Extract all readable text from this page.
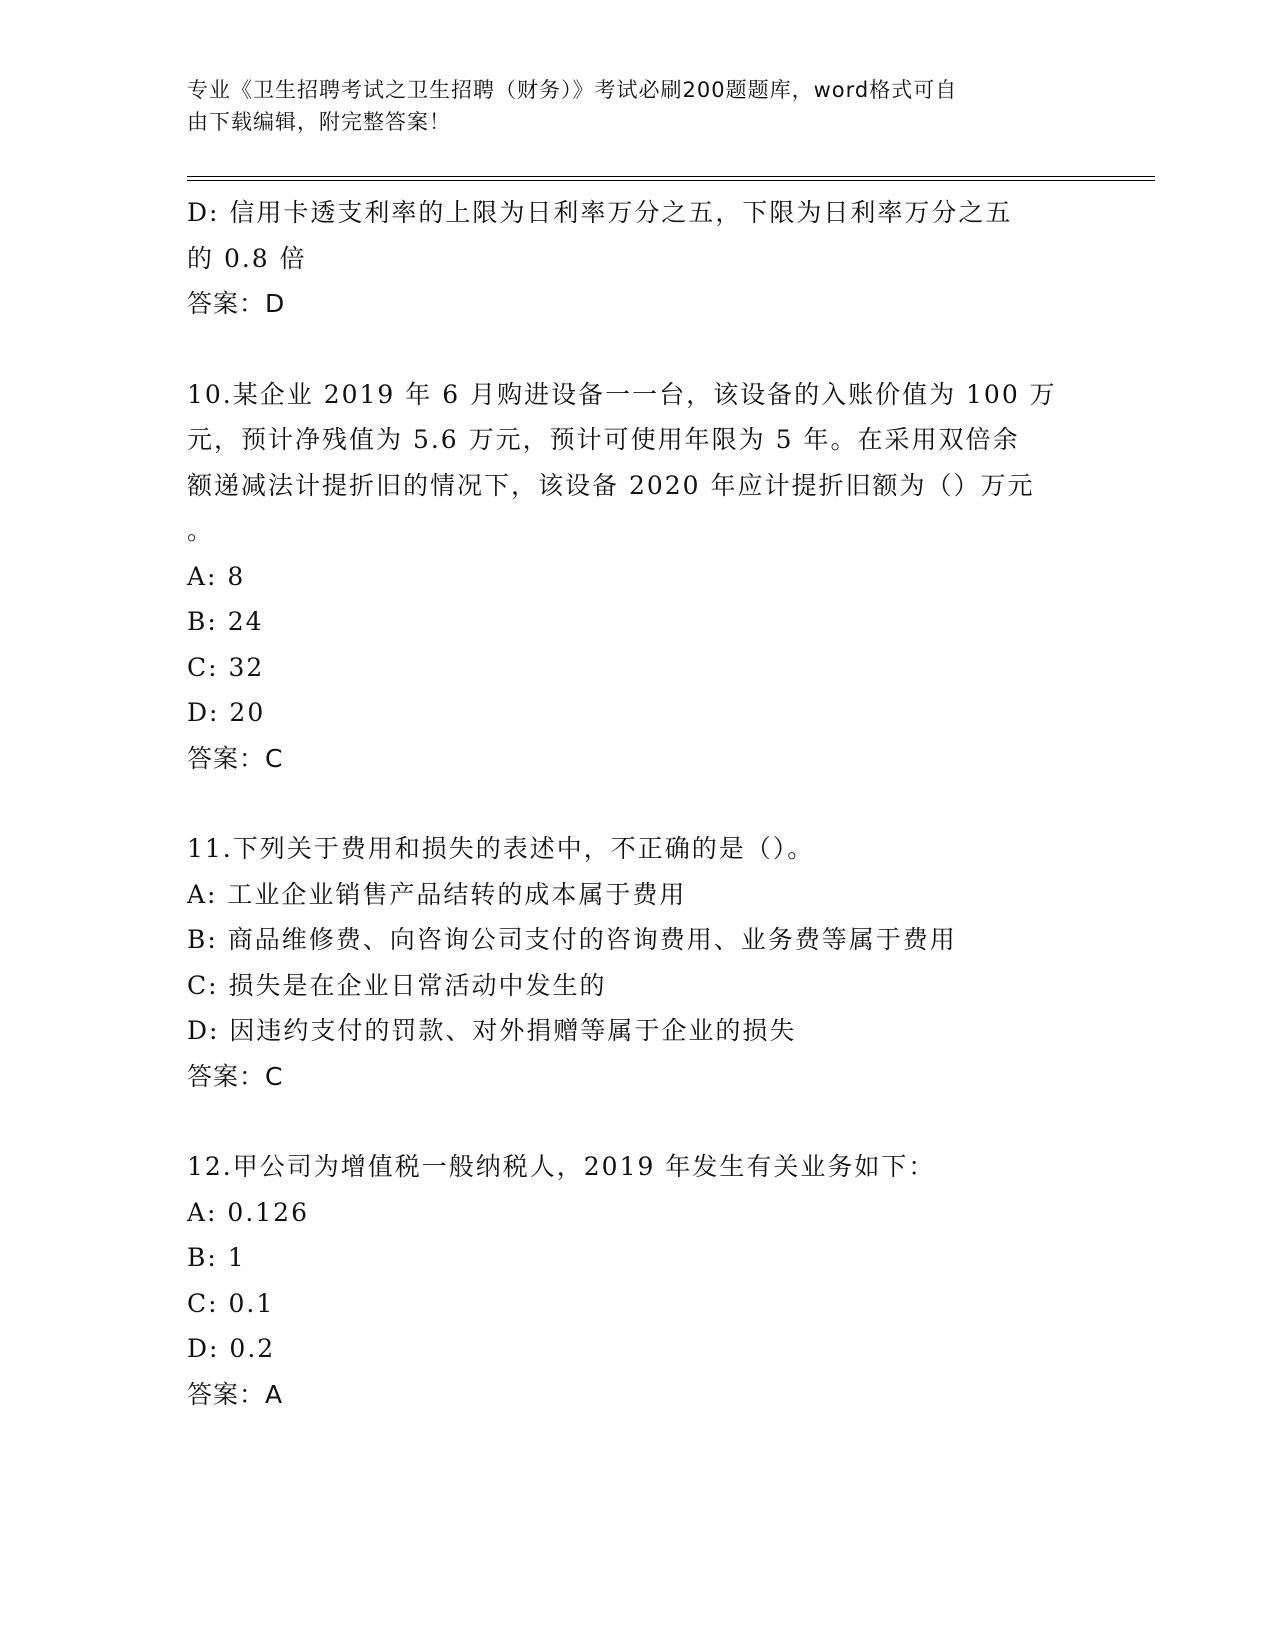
专业《卫生招聘考试之卫生招聘（财务）》考试必刷200题题库，word格式可自
由下载编辑，附完整答案！
D: 信用卡透支利率的上限为日利率万分之五，下限为日利率万分之五
的 0.8 倍
答案：D
10.某企业 2019 年 6 月购进设备一一台，该设备的入账价值为 100 万
元，预计净残值为 5.6 万元，预计可使用年限为 5 年。在采用双倍余
额递减法计提折旧的情况下，该设备 2020 年应计提折旧额为（）万元
。
A: 8
B: 24
C: 32
D: 20
答案：C
11.下列关于费用和损失的表述中，不正确的是（）。
A: 工业企业销售产品结转的成本属于费用
B: 商品维修费、向咨询公司支付的咨询费用、业务费等属于费用
C: 损失是在企业日常活动中发生的
D: 因违约支付的罚款、对外捐赠等属于企业的损失
答案：C
12.甲公司为增值税一般纳税人，2019 年发生有关业务如下：
A: 0.126
B: 1
C: 0.1
D: 0.2
答案：A
